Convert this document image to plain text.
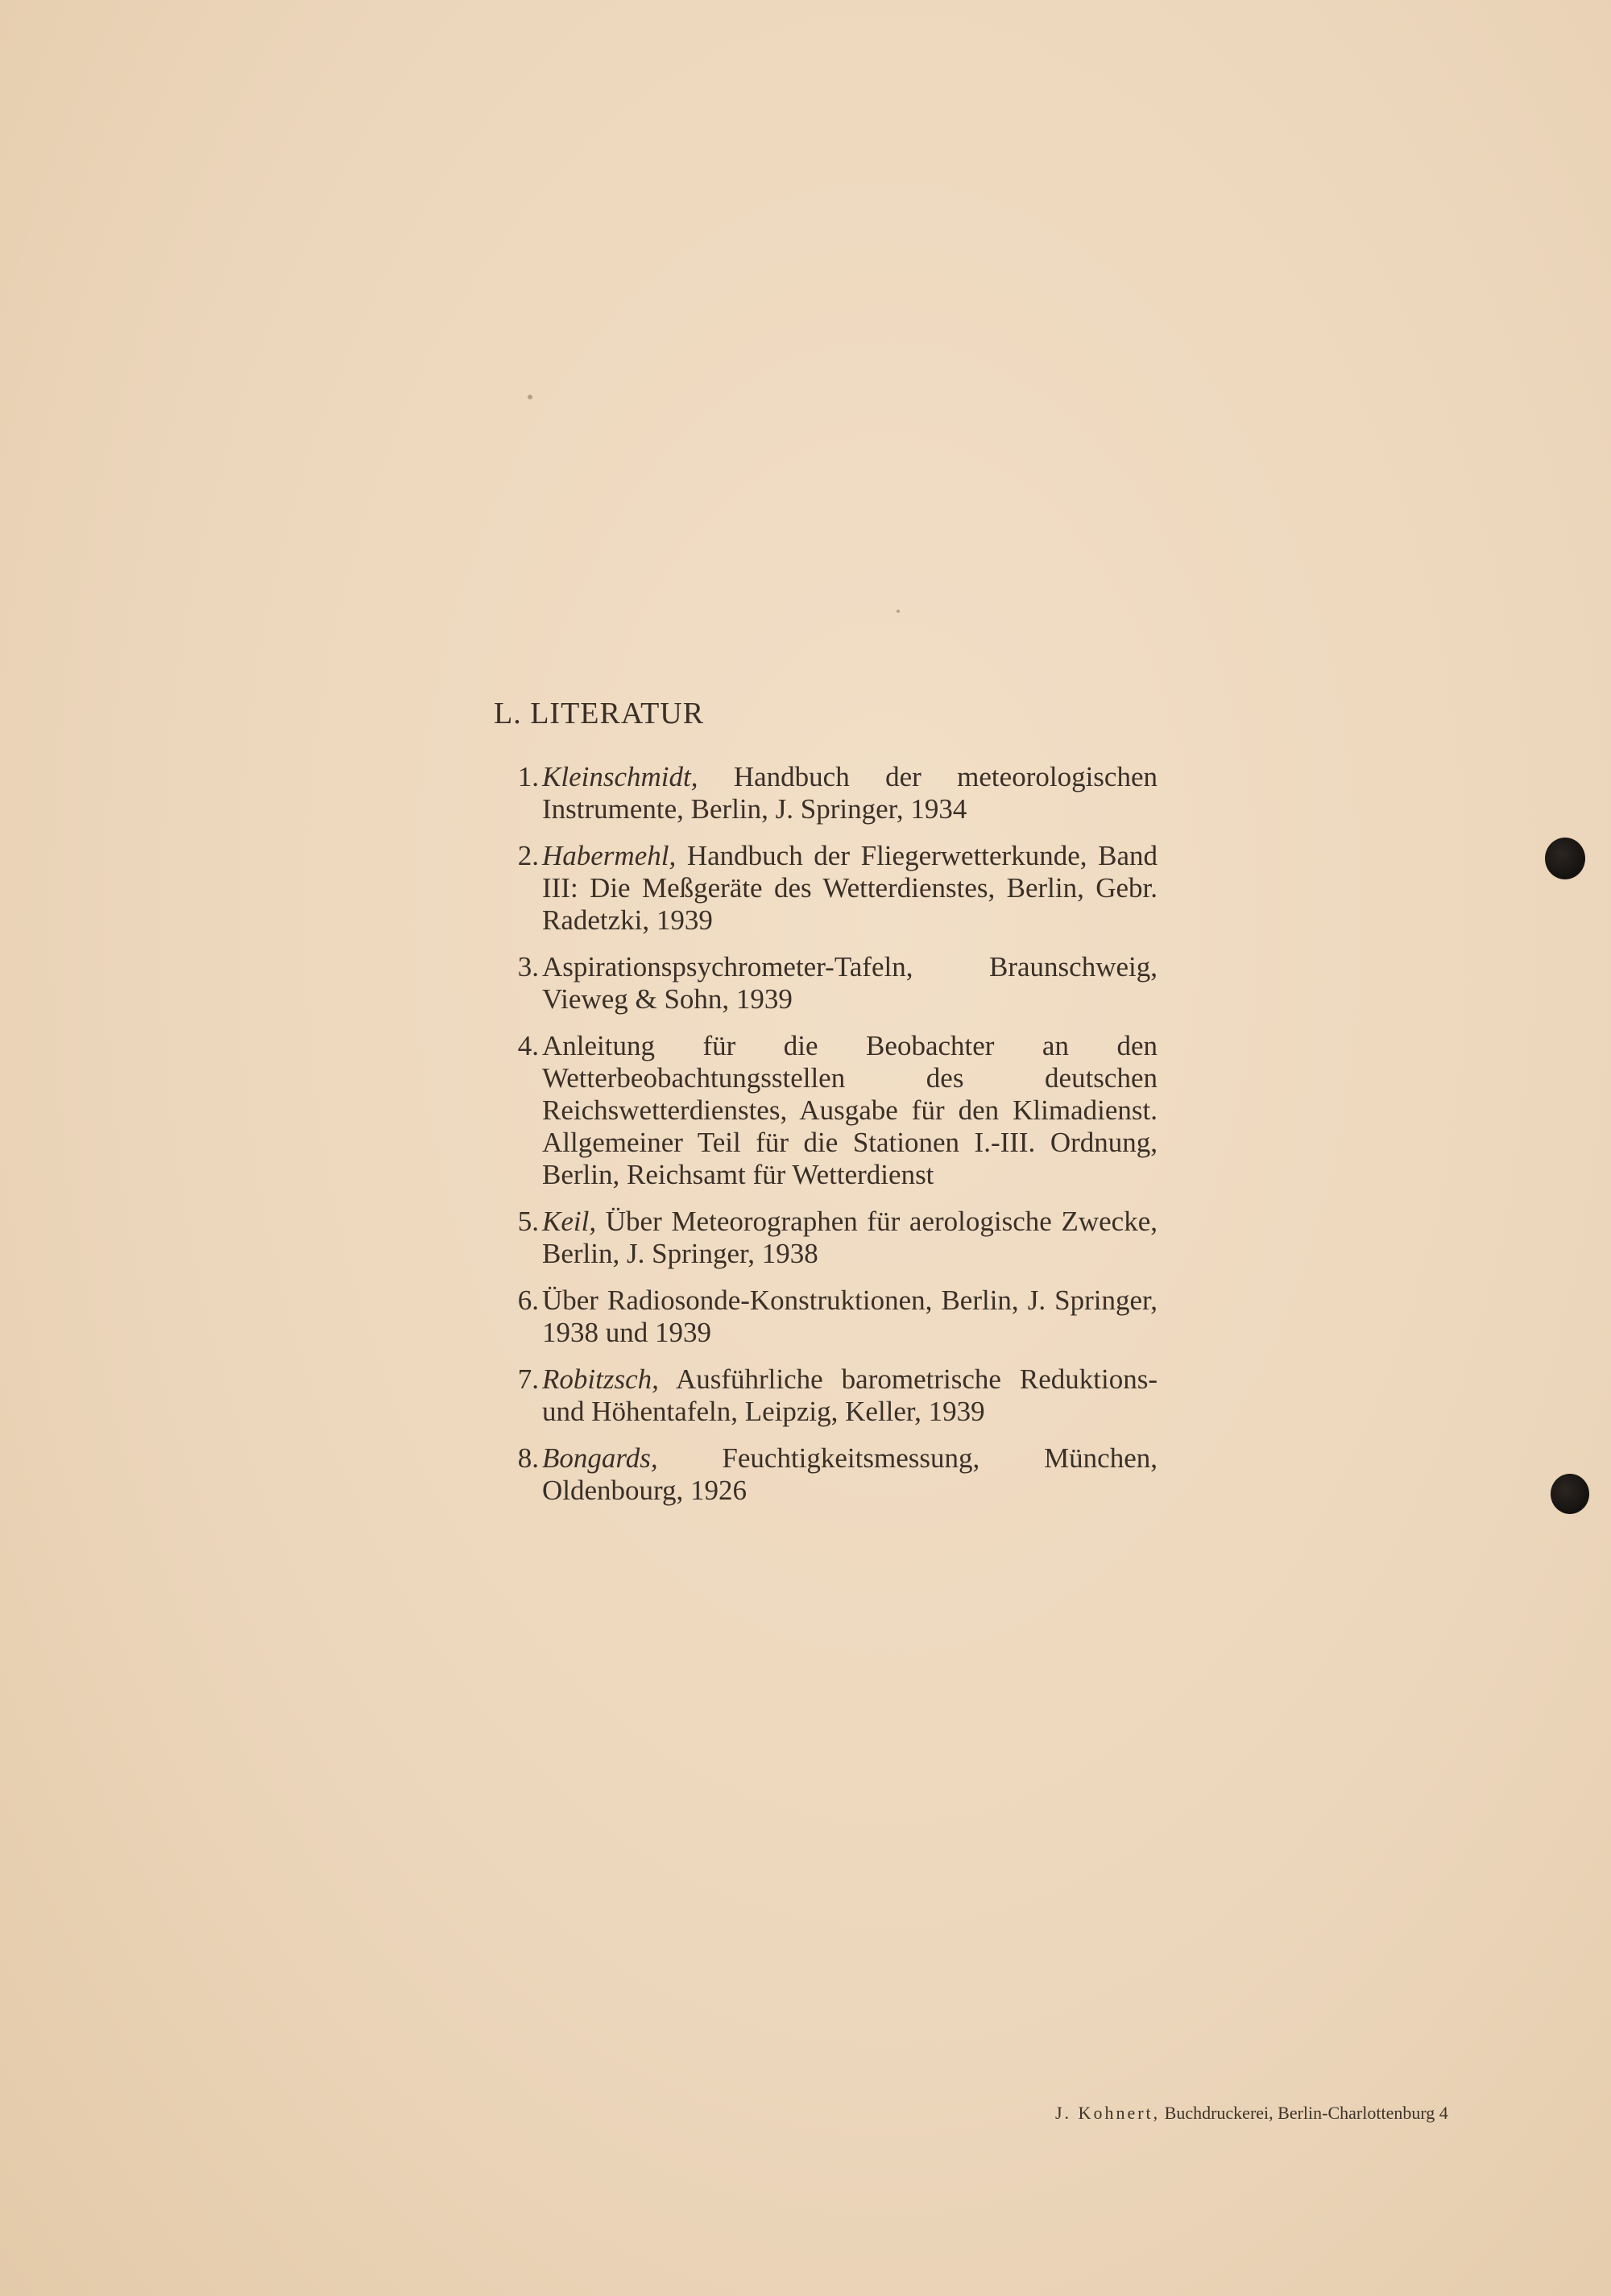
L. LITERATUR
1. Kleinschmidt, Handbuch der meteorologischen Instrumente, Berlin, J. Springer, 1934
2. Habermehl, Handbuch der Fliegerwetterkunde, Band III: Die Meßgeräte des Wetterdienstes, Berlin, Gebr. Radetzki, 1939
3. Aspirationspsychrometer-Tafeln, Braunschweig, Vieweg & Sohn, 1939
4. Anleitung für die Beobachter an den Wetterbeobachtungsstellen des deutschen Reichswetterdienstes, Ausgabe für den Klimadienst. Allgemeiner Teil für die Stationen I.-III. Ordnung, Berlin, Reichsamt für Wetterdienst
5. Keil, Über Meteorographen für aerologische Zwecke, Berlin, J. Springer, 1938
6. Über Radiosonde-Konstruktionen, Berlin, J. Springer, 1938 und 1939
7. Robitzsch, Ausführliche barometrische Reduktions- und Höhentafeln, Leipzig, Keller, 1939
8. Bongards, Feuchtigkeitsmessung, München, Oldenbourg, 1926
J. Kohnert, Buchdruckerei, Berlin-Charlottenburg 4
